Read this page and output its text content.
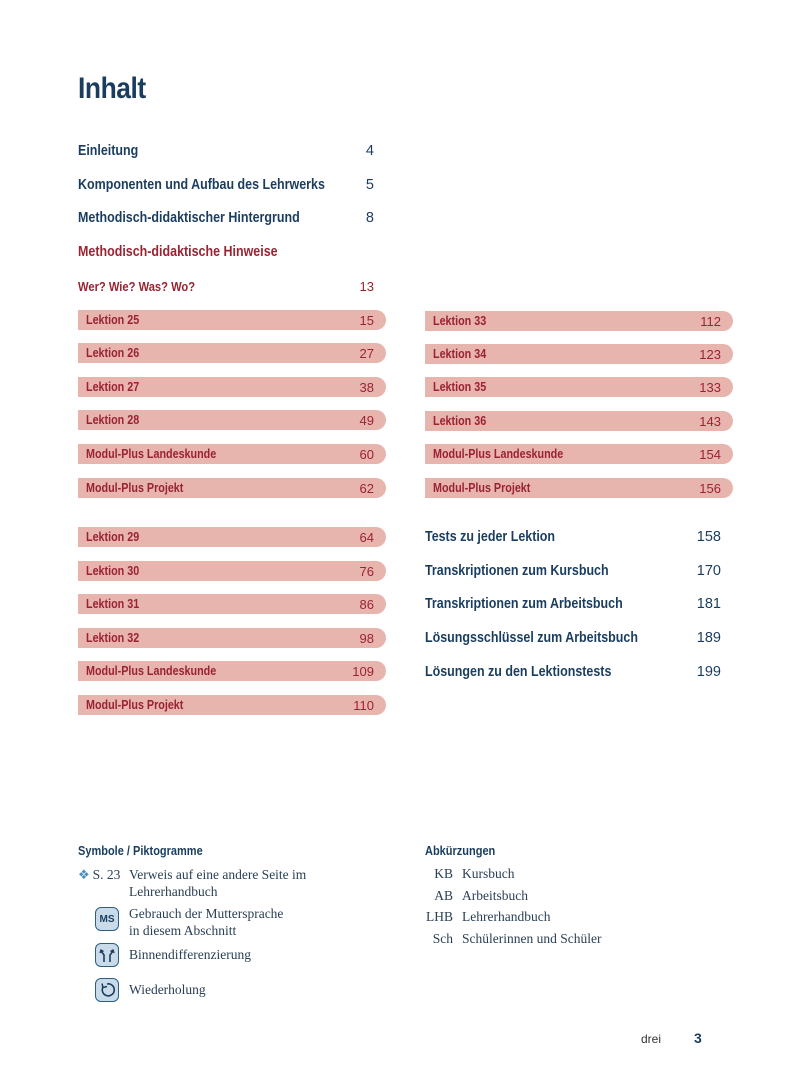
Inhalt
Einleitung	4
Komponenten und Aufbau des Lehrwerks	5
Methodisch-didaktischer Hintergrund	8
Methodisch-didaktische Hinweise
Wer? Wie? Was? Wo?	13
Lektion 25	15
Lektion 26	27
Lektion 27	38
Lektion 28	49
Modul-Plus Landeskunde	60
Modul-Plus Projekt	62
Lektion 33	112
Lektion 34	123
Lektion 35	133
Lektion 36	143
Modul-Plus Landeskunde	154
Modul-Plus Projekt	156
Lektion 29	64
Lektion 30	76
Lektion 31	86
Lektion 32	98
Modul-Plus Landeskunde	109
Modul-Plus Projekt	110
Tests zu jeder Lektion	158
Transkriptionen zum Kursbuch	170
Transkriptionen zum Arbeitsbuch	181
Lösungsschlüssel zum Arbeitsbuch	189
Lösungen zu den Lektionstests	199
Symbole / Piktogramme
❖ S. 23 Verweis auf eine andere Seite im
Lehrerhandbuch
MS Gebrauch der Muttersprache
in diesem Abschnitt
Binnendifferenzierung
Wiederholung
Abkürzungen
KB Kursbuch
AB Arbeitsbuch
LHB Lehrerhandbuch
Sch Schülerinnen und Schüler
drei 3
